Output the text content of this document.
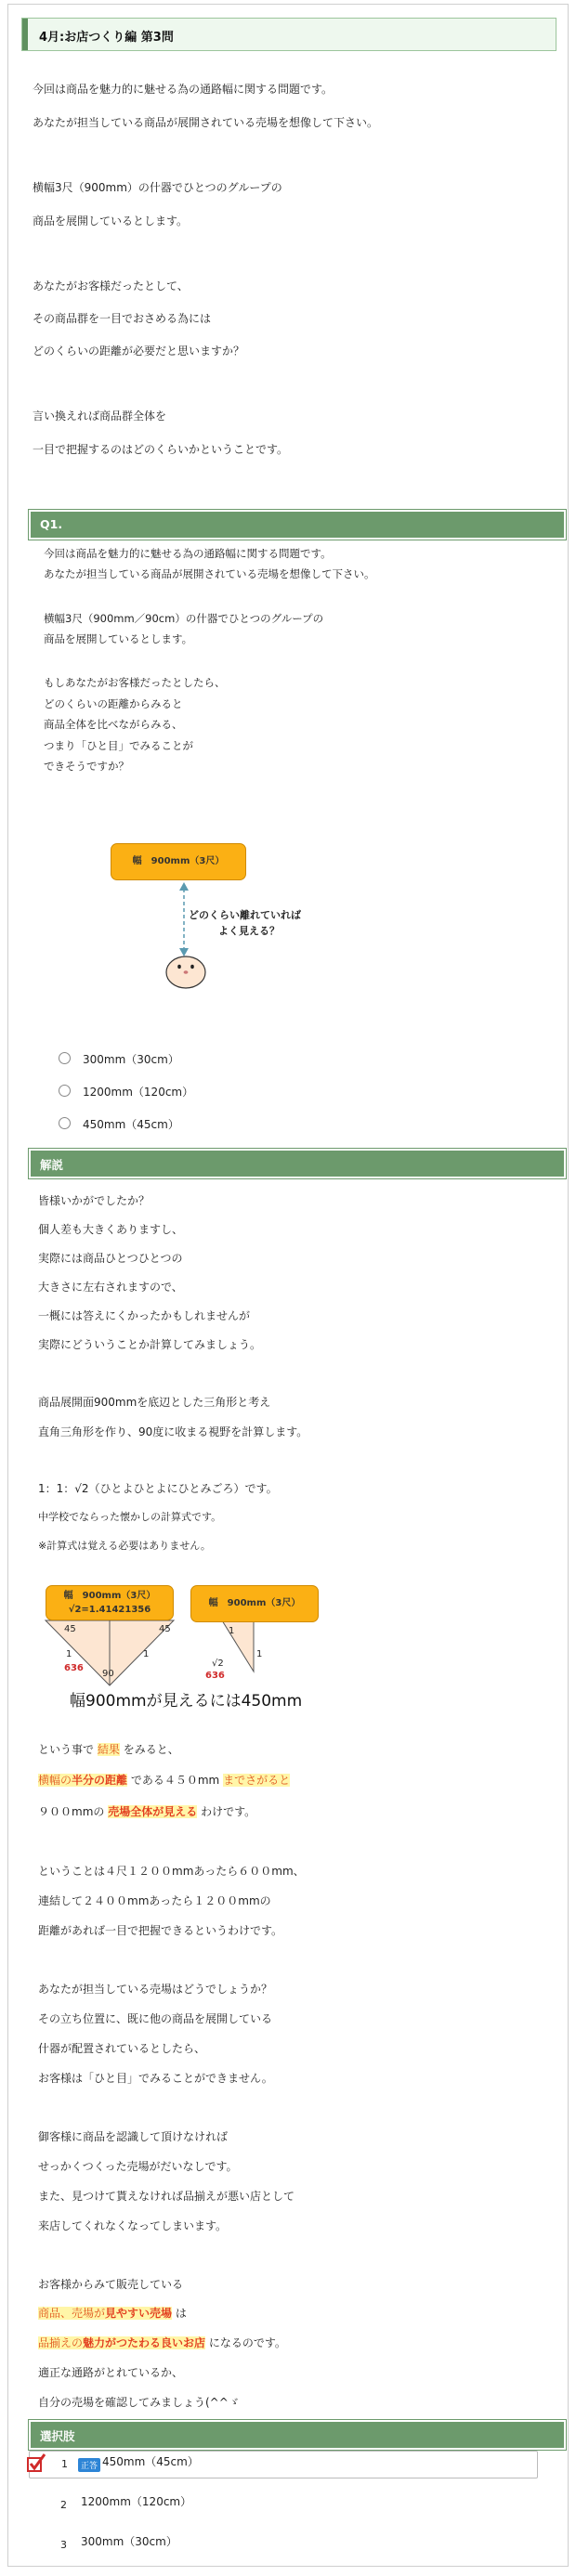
4月:お店つくり編 第3問
今回は商品を魅力的に魅せる為の通路幅に関する問題です。
あなたが担当している商品が展開されている売場を想像して下さい。
横幅3尺（900mm）の什器でひとつのグループの
商品を展開しているとします。
あなたがお客様だったとして、
その商品群を一目でおさめる為には
どのくらいの距離が必要だと思いますか？
言い換えれば商品群全体を
一目で把握するのはどのくらいかということです。
Q1.
今回は商品を魅力的に魅せる為の通路幅に関する問題です。
あなたが担当している商品が展開されている売場を想像して下さい。
横幅3尺（900mm／90cm）の什器でひとつのグループの
商品を展開しているとします。
もしあなたがお客様だったとしたら、
どのくらいの距離からみると
商品全体を比べながらみる、
つまり「ひと目」でみることが
できそうですか？
幅　900mm（3尺）
どのくらい離れていれば
よく見える？
300mm（30cm）
1200mm（120cm）
450mm（45cm）
解説
皆様いかがでしたか？
個人差も大きくありますし、
実際には商品ひとつひとつの
大きさに左右されますので、
一概には答えにくかったかもしれませんが
実際にどういうことか計算してみましょう。
商品展開面900mmを底辺とした三角形と考え
直角三角形を作り、90度に收まる視野を計算します。
1：1：√2（ひとよひとよにひとみごろ）です。
中学校でならった懐かしの計算式です。
※計算式は覚える必要はありません。
幅　900mm（3尺）
√2=1.41421356
幅　900mm（3尺）
45	45
90
1	1
636
1
1
√2
636
幅900mmが見えるには450mm
という事で 結果 をみると、
横幅の半分の距離 である４５０mm までさがると
９００mmの 売場全体が見える わけです。
ということは４尺１２００mmあったら６００mm、
連結して２４００mmあったら１２００mmの
距離があれば一目で把握できるというわけです。
あなたが担当している売場はどうでしょうか？
その立ち位置に、既に他の商品を展開している
什器が配置されているとしたら、
お客様は「ひと目」でみることができません。
御客様に商品を認識して頂けなければ
せっかくつくった売場がだいなしです。
また、見つけて貰えなければ品揃えが悪い店として
来店してくれなくなってしまいます。
お客様からみて販売している
商品、売場が見やすい売場 は
品揃えの魅力がつたわる良いお店 になるのです。
適正な通路がとれているか、
自分の売場を確認してみましょう(^^ゞ
選択肢
1	正答 450mm（45cm）
2 1200mm（120cm）
3 300mm（30cm）
